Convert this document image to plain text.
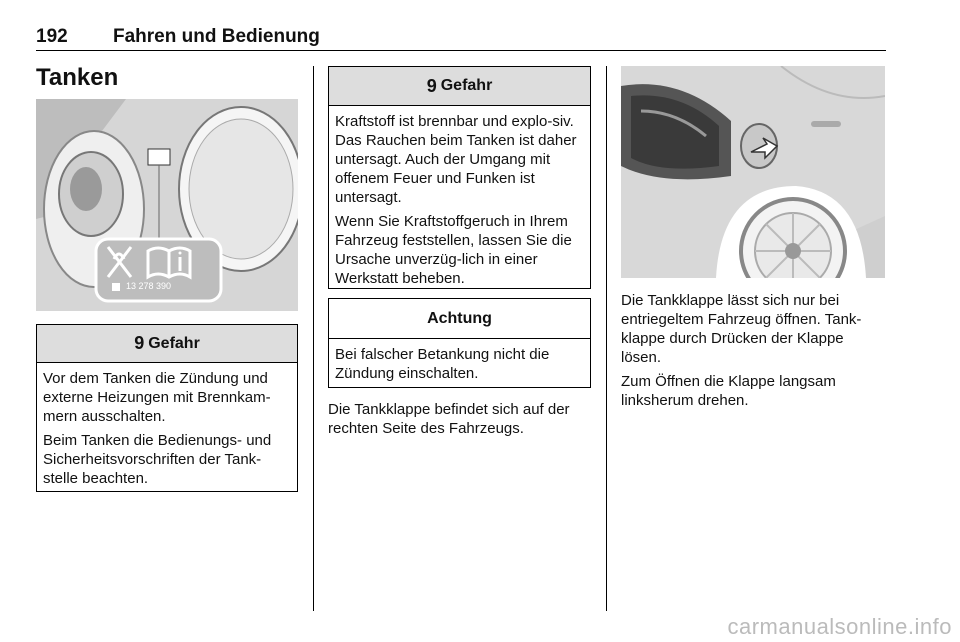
192 Fahren und Bedienung
Tanken
13 278 390
9 Gefahr

Vor dem Tanken die Zündung und externe Heizungen mit Brennkam-mern ausschalten.

Beim Tanken die Bedienungs- und Sicherheitsvorschriften der Tank-stelle beachten.

9 Gefahr

Kraftstoff ist brennbar und explo-siv. Das Rauchen beim Tanken ist daher untersagt. Auch der Umgang mit offenem Feuer und Funken ist untersagt.

Wenn Sie Kraftstoffgeruch in Ihrem Fahrzeug feststellen, lassen Sie die Ursache unverzüg-lich in einer Werkstatt beheben.

Achtung

Bei falscher Betankung nicht die Zündung einschalten.

Die Tankklappe befindet sich auf der rechten Seite des Fahrzeugs.

Die Tankklappe lässt sich nur bei entriegeltem Fahrzeug öffnen. Tank-klappe durch Drücken der Klappe lösen.

Zum Öffnen die Klappe langsam linksherum drehen.

carmanualsonline.info
